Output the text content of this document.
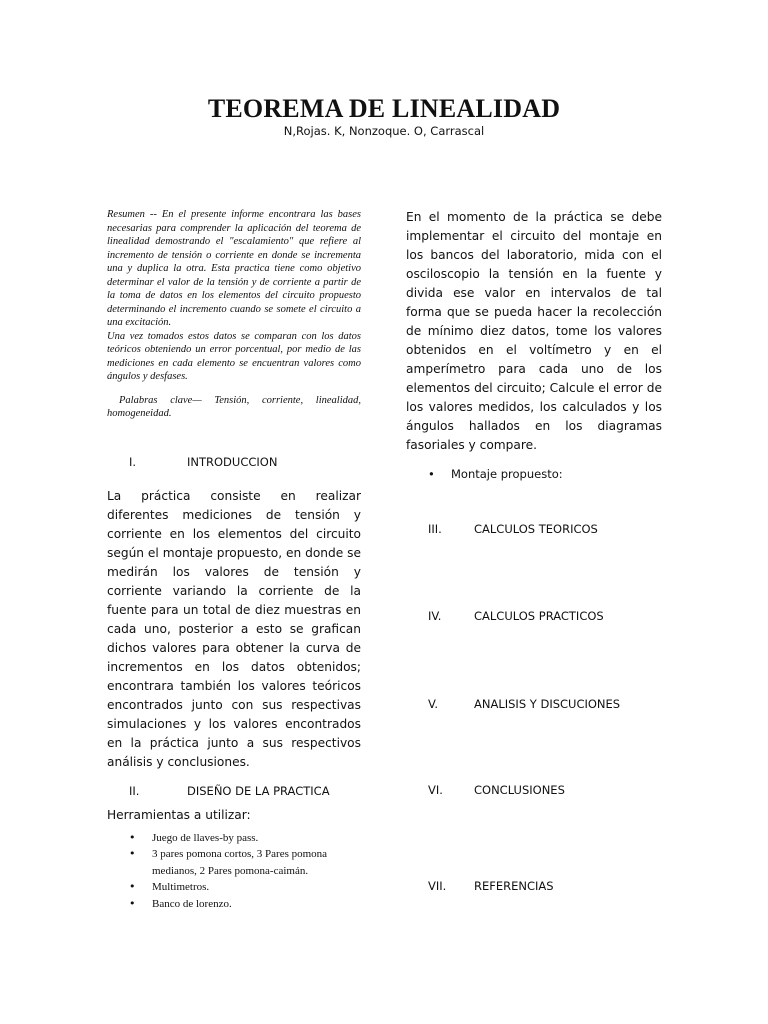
TEOREMA DE LINEALIDAD
N,Rojas. K, Nonzoque. O, Carrascal

Resumen -- En el presente informe encontrara las bases necesarias para comprender la aplicación del teorema de linealidad demostrando el "escalamiento" que refiere al incremento de tensión o corriente en donde se incrementa una y duplica la otra. Esta practica tiene como objetivo determinar el valor de la tensión y de corriente a partir de la toma de datos en los elementos del circuito propuesto determinando el incremento cuando se somete el circuito a una excitación.

Una vez tomados estos datos se comparan con los datos teóricos obteniendo un error porcentual, por medio de las mediciones en cada elemento se encuentran valores como ángulos y desfases.

Palabras clave— Tensión, corriente, linealidad, homogeneidad.

I.	INTRODUCCION

La práctica consiste en realizar diferentes mediciones de tensión y corriente en los elementos del circuito según el montaje propuesto, en donde se medirán los valores de tensión y corriente variando la corriente de la fuente para un total de diez muestras en cada uno, posterior a esto se grafican dichos valores para obtener la curva de incrementos en los datos obtenidos; encontrara también los valores teóricos encontrados junto con sus respectivas simulaciones y los valores encontrados en la práctica junto a sus respectivos análisis y conclusiones.

II.	DISEÑO DE LA PRACTICA

Herramientas a utilizar:

• Juego de llaves-by pass.
• 3 pares pomona cortos, 3 Pares pomona medianos, 2 Pares pomona-caimán.
• Multimetros.
• Banco de lorenzo.

En el momento de la práctica se debe implementar el circuito del montaje en los bancos del laboratorio, mida con el osciloscopio la tensión en la fuente y divida ese valor en intervalos de tal forma que se pueda hacer la recolección de mínimo diez datos, tome los valores obtenidos en el voltímetro y en el amperímetro para cada uno de los elementos del circuito; Calcule el error de los valores medidos, los calculados y los ángulos hallados en los diagramas fasoriales y compare.

• Montaje propuesto:
III.	CALCULOS TEORICOS
IV.	CALCULOS PRACTICOS
V.	ANALISIS Y DISCUCIONES
VI.	CONCLUSIONES
VII.	REFERENCIAS
